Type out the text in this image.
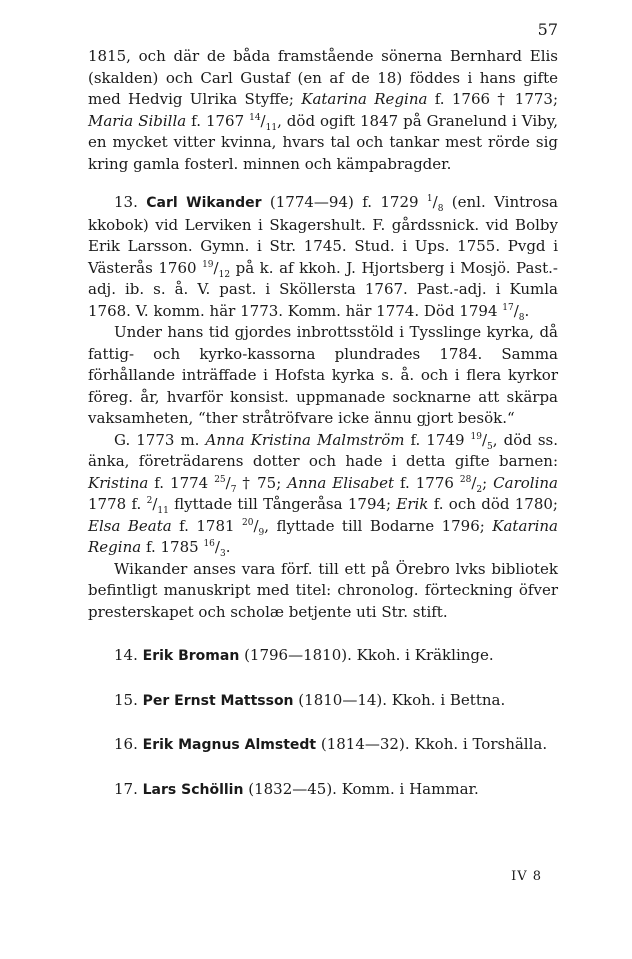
57

1815, och där de båda framstående sönerna Bernhard Elis (skalden) och Carl Gustaf (en af de 18) föddes i hans gifte med Hedvig Ulrika Styffe; Katarina Regina f. 1766 † 1773; Maria Sibilla f. 1767 $^{14}/_{11}$, död ogift 1847 på Granelund i Viby, en mycket vitter kvinna, hvars tal och tankar mest rörde sig kring gamla fosterl. minnen och kämpabragder.

13. Carl Wikander (1774—94) f. 1729 $^1/_8$ (enl. Vintrosa kkobok) vid Lerviken i Skagershult. F. gårdssnick. vid Bolby Erik Larsson. Gymn. i Str. 1745. Stud. i Ups. 1755. Pvgd i Västerås 1760 $^{19}/_{12}$ på k. af kkoh. J. Hjortsberg i Mosjö. Past.-adj. ib. s. å. V. past. i Sköllersta 1767. Past.-adj. i Kumla 1768. V. komm. här 1773. Komm. här 1774. Död 1794 $^{17}/_8$.

Under hans tid gjordes inbrottsstöld i Tysslinge kyrka, då fattig- och kyrko-kassorna plundrades 1784. Samma förhållande inträffade i Hofsta kyrka s. å. och i flera kyrkor föreg. år, hvarför konsist. uppmanade socknarne att skärpa vaksamheten, “ther stråtröfvare icke ännu gjort besök.“

G. 1773 m. Anna Kristina Malmström f. 1749 $^{19}/_5$, död ss. änka, företrädarens dotter och hade i detta gifte barnen: Kristina f. 1774 $^{25}/_7$ † 75; Anna Elisabet f. 1776 $^{28}/_2$; Carolina 1778 f. $^2/_{11}$ flyttade till Tångeråsa 1794; Erik f. och död 1780; Elsa Beata f. 1781 $^{20}/_9$, flyttade till Bodarne 1796; Katarina Regina f. 1785 $^{16}/_3$.

Wikander anses vara förf. till ett på Örebro lvks bibliotek befintligt manuskript med titel: chronolog. förteckning öfver presterskapet och scholæ betjente uti Str. stift.

14. Erik Broman (1796—1810). Kkoh. i Kräklinge.

15. Per Ernst Mattsson (1810—14). Kkoh. i Bettna.

16. Erik Magnus Almstedt (1814—32). Kkoh. i Torshälla.

17. Lars Schöllin (1832—45). Komm. i Hammar.

IV 8
